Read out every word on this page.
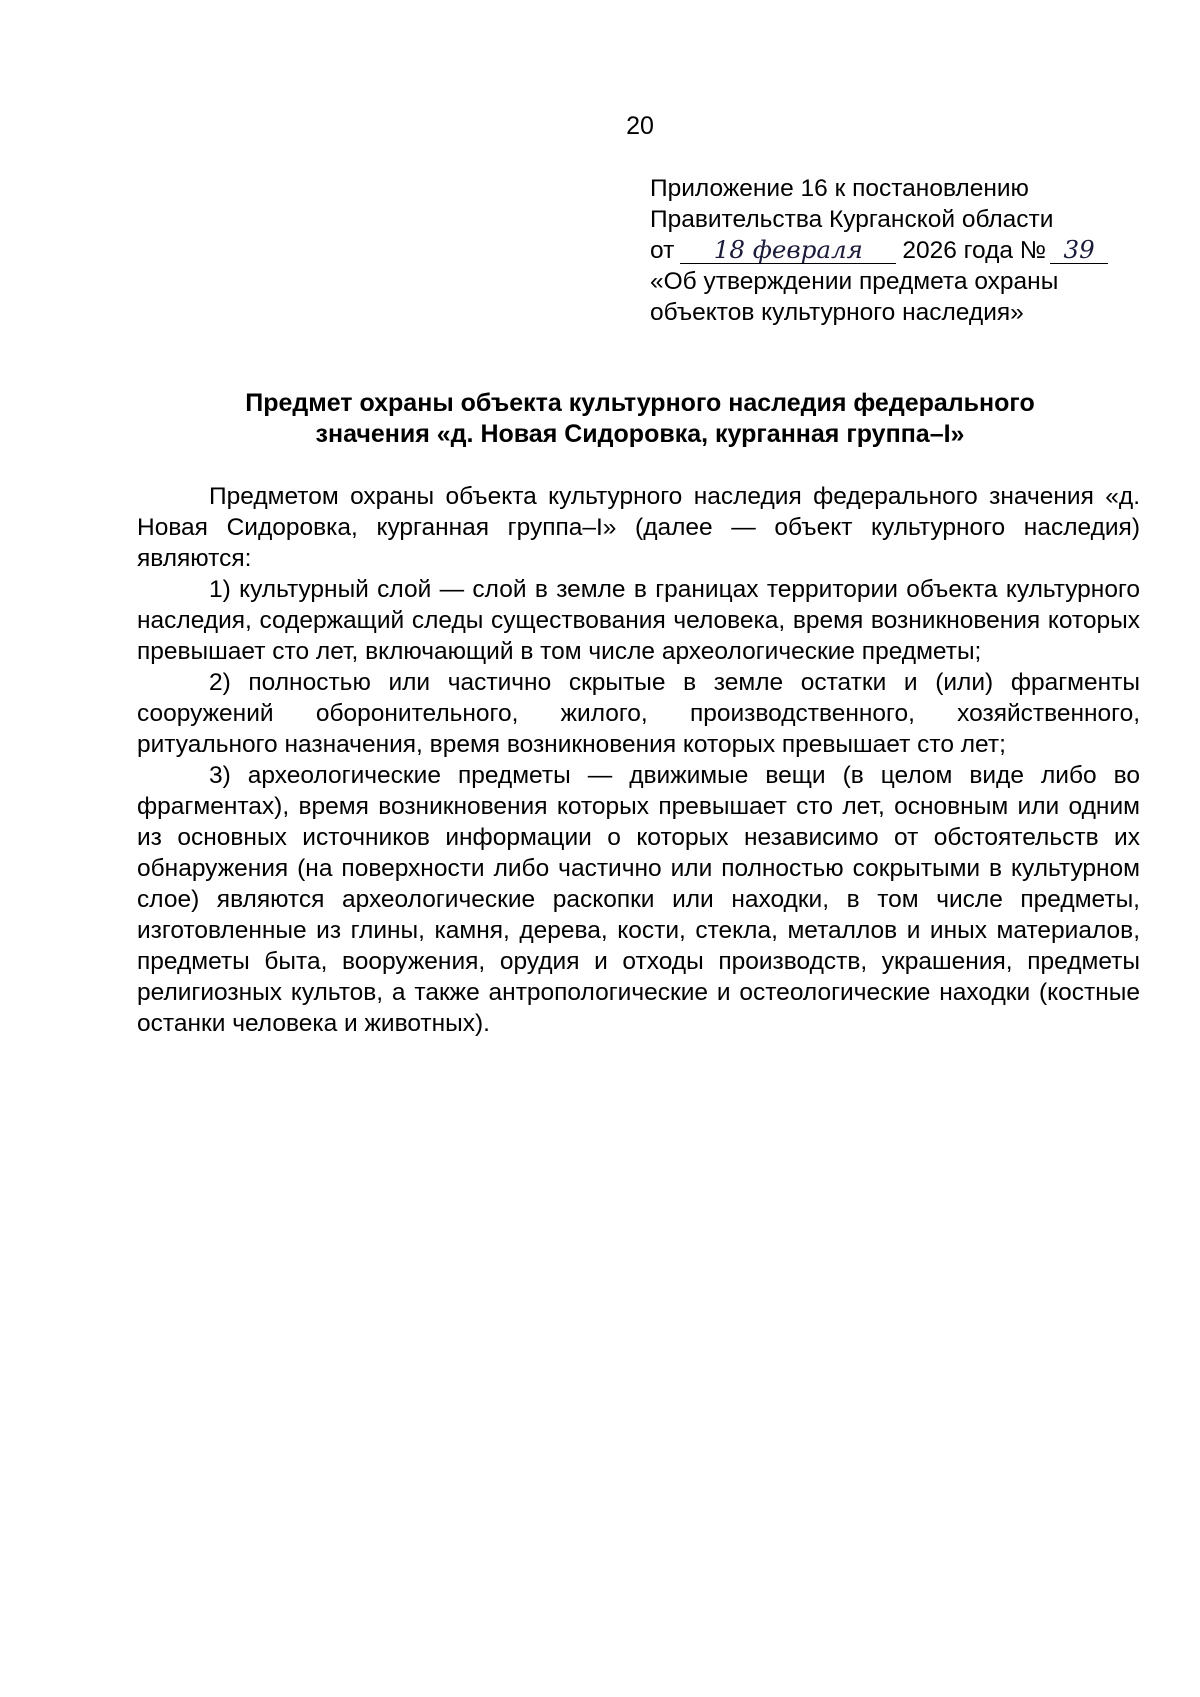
20
Приложение 16 к постановлению
Правительства Курганской области
от 18 февраля 2026 года № 39
«Об утверждении предмета охраны
объектов культурного наследия»
Предмет охраны объекта культурного наследия федерального
значения «д. Новая Сидоровка, курганная группа–I»

Предметом охраны объекта культурного наследия федерального значения «д. Новая Сидоровка, курганная группа–I» (далее — объект культурного наследия) являются:

1) культурный слой — слой в земле в границах территории объекта культурного наследия, содержащий следы существования человека, время возникновения которых превышает сто лет, включающий в том числе археологические предметы;

2) полностью или частично скрытые в земле остатки и (или) фрагменты сооружений оборонительного, жилого, производственного, хозяйственного, ритуального назначения, время возникновения которых превышает сто лет;

3) археологические предметы — движимые вещи (в целом виде либо во фрагментах), время возникновения которых превышает сто лет, основным или одним из основных источников информации о которых независимо от обстоятельств их обнаружения (на поверхности либо частично или полностью сокрытыми в культурном слое) являются археологические раскопки или находки, в том числе предметы, изготовленные из глины, камня, дерева, кости, стекла, металлов и иных материалов, предметы быта, вооружения, орудия и отходы производств, украшения, предметы религиозных культов, а также антропологические и остеологические находки (костные останки человека и животных).
